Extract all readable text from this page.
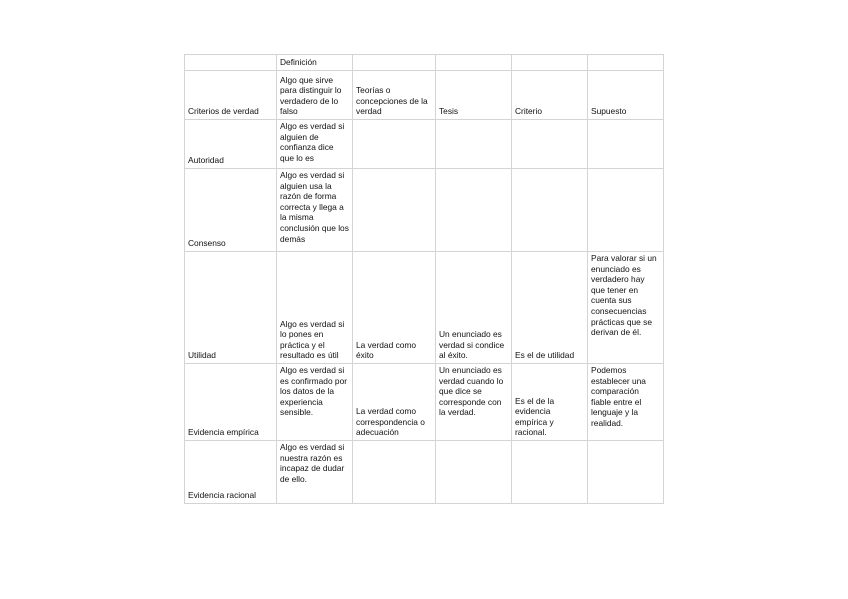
	Definición				
Criterios de verdad	Algo que sirve para distinguir lo verdadero de lo falso	Teorías o concepciones de la verdad	Tesis	Criterio	Supuesto
Autoridad	Algo es verdad si alguien de confianza dice que lo es				
Consenso	Algo es verdad si alguien usa la razón de forma correcta y llega a la misma conclusión que los demás				
Utilidad	Algo es verdad si lo pones en práctica y el resultado es útil	La verdad como éxito	Un enunciado es verdad si condice al éxito.	Es el de utilidad	Para valorar si un enunciado es verdadero hay que tener en cuenta sus consecuencias prácticas que se derivan de él.
Evidencia empírica	Algo es verdad si es confirmado por los datos de la experiencia sensible.	La verdad como correspondencia o adecuación	Un enunciado es verdad cuando lo que dice se corresponde con la verdad.	Es el de la evidencia empírica y racional.	Podemos establecer una comparación fiable entre el lenguaje y la realidad.
Evidencia racional	Algo es verdad si nuestra razón es incapaz de dudar de ello.				
